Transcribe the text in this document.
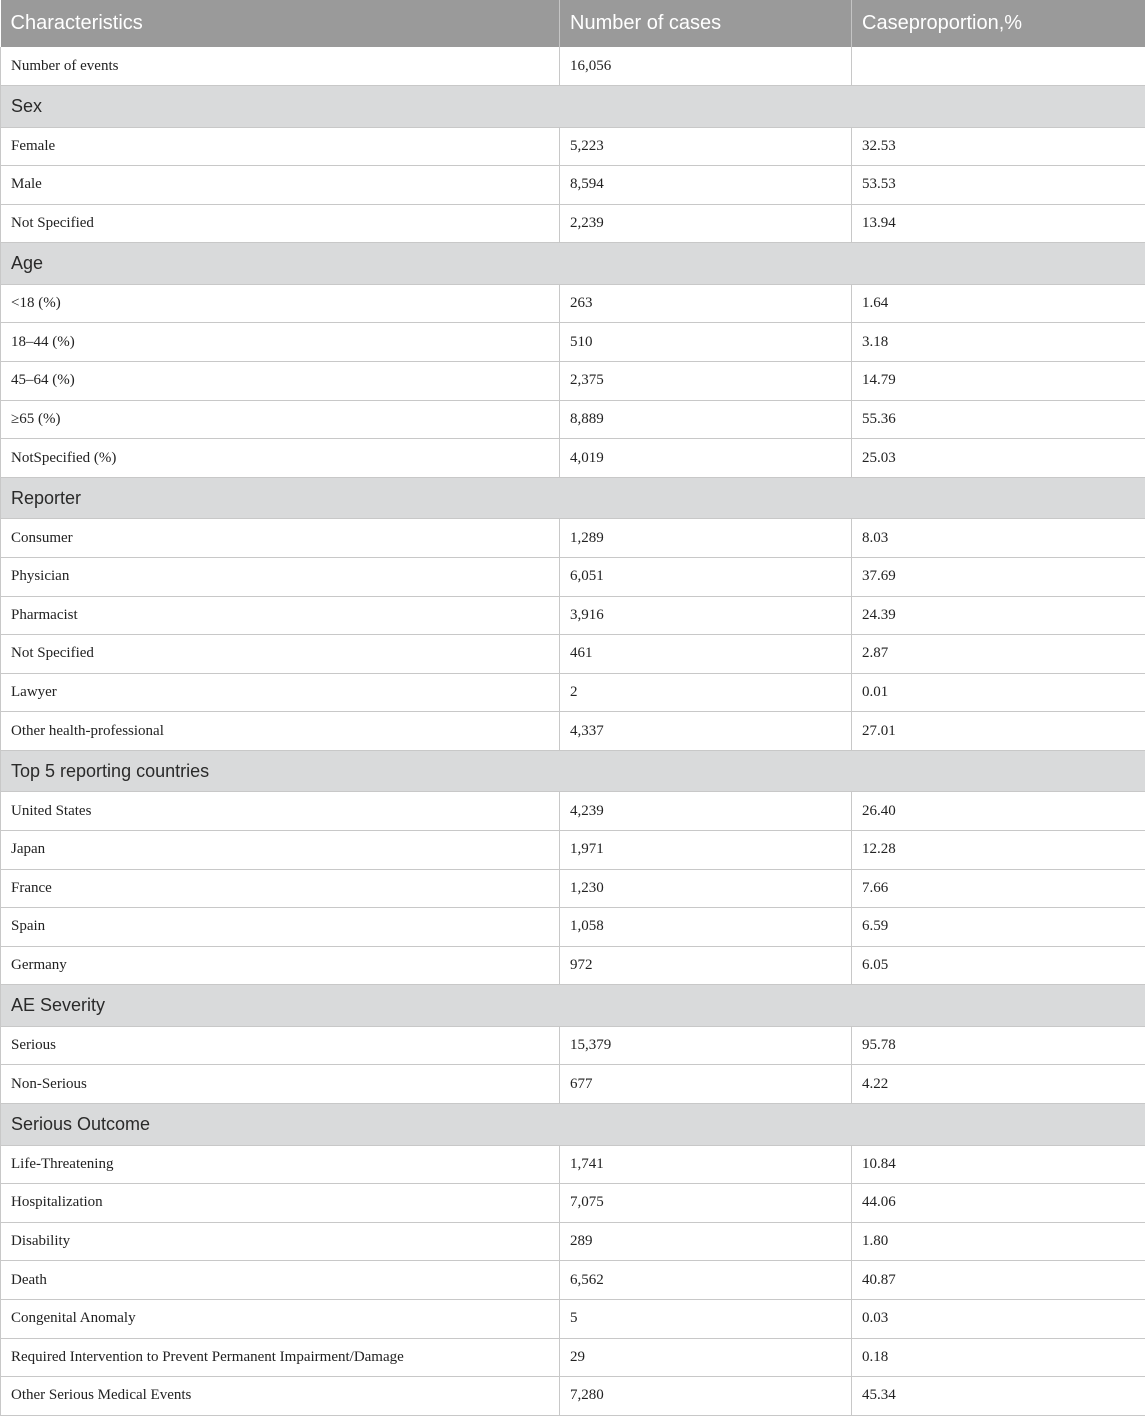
Characteristics	Number of cases	Caseproportion,%
Number of events	16,056	
Sex		
Female	5,223	32.53
Male	8,594	53.53
Not Specified	2,239	13.94
Age		
<18 (%)	263	1.64
18–44 (%)	510	3.18
45–64 (%)	2,375	14.79
≥65 (%)	8,889	55.36
NotSpecified (%)	4,019	25.03
Reporter		
Consumer	1,289	8.03
Physician	6,051	37.69
Pharmacist	3,916	24.39
Not Specified	461	2.87
Lawyer	2	0.01
Other health-professional	4,337	27.01
Top 5 reporting countries		
United States	4,239	26.40
Japan	1,971	12.28
France	1,230	7.66
Spain	1,058	6.59
Germany	972	6.05
AE Severity		
Serious	15,379	95.78
Non-Serious	677	4.22
Serious Outcome		
Life-Threatening	1,741	10.84
Hospitalization	7,075	44.06
Disability	289	1.80
Death	6,562	40.87
Congenital Anomaly	5	0.03
Required Intervention to Prevent Permanent Impairment/Damage	29	0.18
Other Serious Medical Events	7,280	45.34
